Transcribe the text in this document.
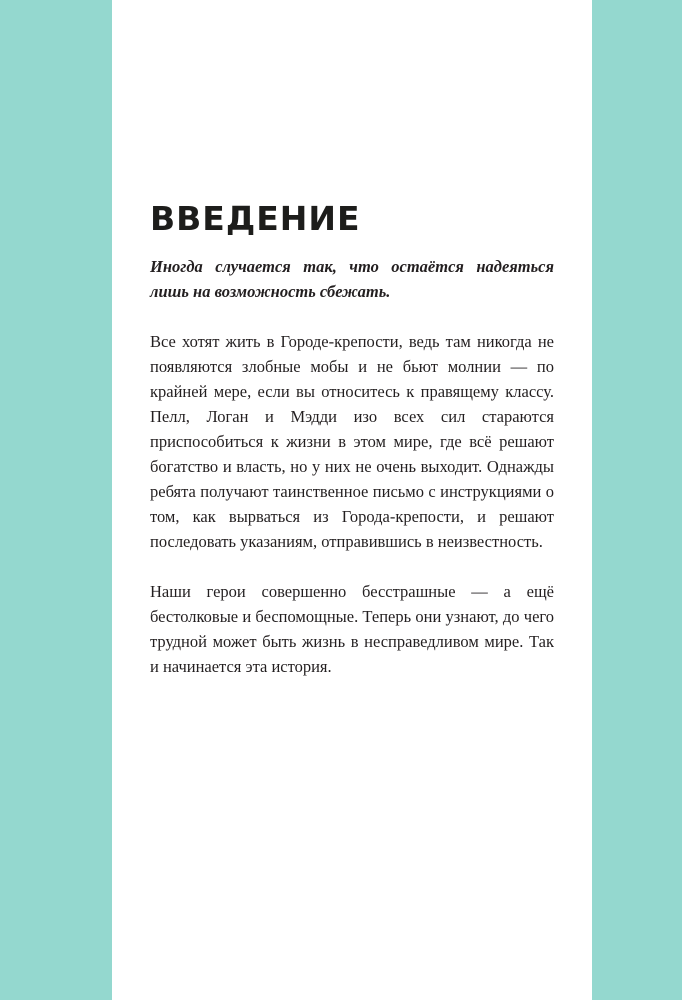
ВВЕДЕНИЕ

Иногда случается так, что остаётся надеяться лишь на возможность сбежать.

Все хотят жить в Городе-крепости, ведь там никогда не появляются злобные мобы и не бьют молнии — по крайней мере, если вы относитесь к правящему классу. Пелл, Логан и Мэдди изо всех сил стараются приспособиться к жизни в этом мире, где всё решают богатство и власть, но у них не очень выходит. Однажды ребята получают таинственное письмо с инструкциями о том, как вырваться из Города-крепости, и решают последовать указаниям, отправившись в неизвестность.

Наши герои совершенно бесстрашные — а ещё бестолковые и беспомощные. Теперь они узнают, до чего трудной может быть жизнь в несправедливом мире. Так и начинается эта история.
